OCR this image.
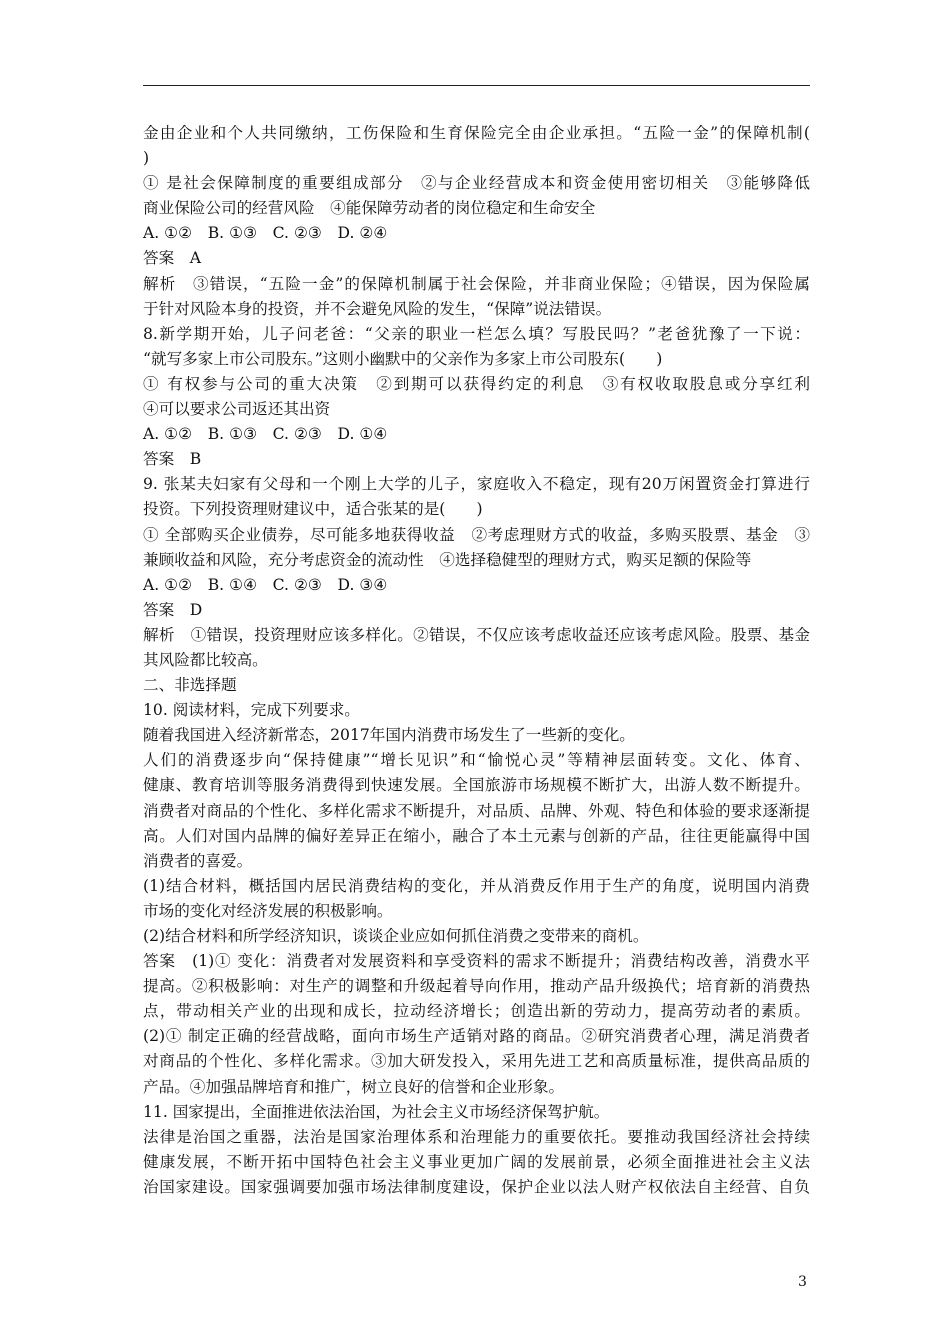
金由企业和个人共同缴纳，工伤保险和生育保险完全由企业承担。“五险一金”的保障机制(
)
① 是社会保障制度的重要组成部分　②与企业经营成本和资金使用密切相关　③能够降低
商业保险公司的经营风险　④能保障劳动者的岗位稳定和生命安全
A. ①②　B. ①③　C. ②③　D. ②④
答案　A
解析　③错误，“五险一金”的保障机制属于社会保险，并非商业保险；④错误，因为保险属
于针对风险本身的投资，并不会避免风险的发生，“保障”说法错误。
8.新学期开始，儿子问老爸：“父亲的职业一栏怎么填？写股民吗？”老爸犹豫了一下说：
“就写多家上市公司股东。”这则小幽默中的父亲作为多家上市公司股东(　　)
① 有权参与公司的重大决策　②到期可以获得约定的利息　③有权收取股息或分享红利
④可以要求公司返还其出资
A. ①②　B. ①③　C. ②③　D. ①④
答案　B
9. 张某夫妇家有父母和一个刚上大学的儿子，家庭收入不稳定，现有20万闲置资金打算进行
投资。下列投资理财建议中，适合张某的是(　　)
① 全部购买企业债券，尽可能多地获得收益　②考虑理财方式的收益，多购买股票、基金　③
兼顾收益和风险，充分考虑资金的流动性　④选择稳健型的理财方式，购买足额的保险等
A. ①②　B. ①④　C. ②③　D. ③④
答案　D
解析　①错误，投资理财应该多样化。②错误，不仅应该考虑收益还应该考虑风险。股票、基金
其风险都比较高。
二、非选择题
10. 阅读材料，完成下列要求。
随着我国进入经济新常态，2017年国内消费市场发生了一些新的变化。
人们的消费逐步向“保持健康”“增长见识”和“愉悦心灵”等精神层面转变。文化、体育、
健康、教育培训等服务消费得到快速发展。全国旅游市场规模不断扩大，出游人数不断提升。
消费者对商品的个性化、多样化需求不断提升，对品质、品牌、外观、特色和体验的要求逐渐提
高。人们对国内品牌的偏好差异正在缩小，融合了本土元素与创新的产品，往往更能赢得中国
消费者的喜爱。
(1)结合材料，概括国内居民消费结构的变化，并从消费反作用于生产的角度，说明国内消费
市场的变化对经济发展的积极影响。
(2)结合材料和所学经济知识，谈谈企业应如何抓住消费之变带来的商机。
答案　(1)① 变化：消费者对发展资料和享受资料的需求不断提升；消费结构改善，消费水平
提高。②积极影响：对生产的调整和升级起着导向作用，推动产品升级换代；培育新的消费热
点，带动相关产业的出现和成长，拉动经济增长；创造出新的劳动力，提高劳动者的素质。
(2)① 制定正确的经营战略，面向市场生产适销对路的商品。②研究消费者心理，满足消费者
对商品的个性化、多样化需求。③加大研发投入，采用先进工艺和高质量标准，提供高品质的
产品。④加强品牌培育和推广，树立良好的信誉和企业形象。
11. 国家提出，全面推进依法治国，为社会主义市场经济保驾护航。
法律是治国之重器，法治是国家治理体系和治理能力的重要依托。要推动我国经济社会持续
健康发展，不断开拓中国特色社会主义事业更加广阔的发展前景，必须全面推进社会主义法
治国家建设。国家强调要加强市场法律制度建设，保护企业以法人财产权依法自主经营、自负
3
